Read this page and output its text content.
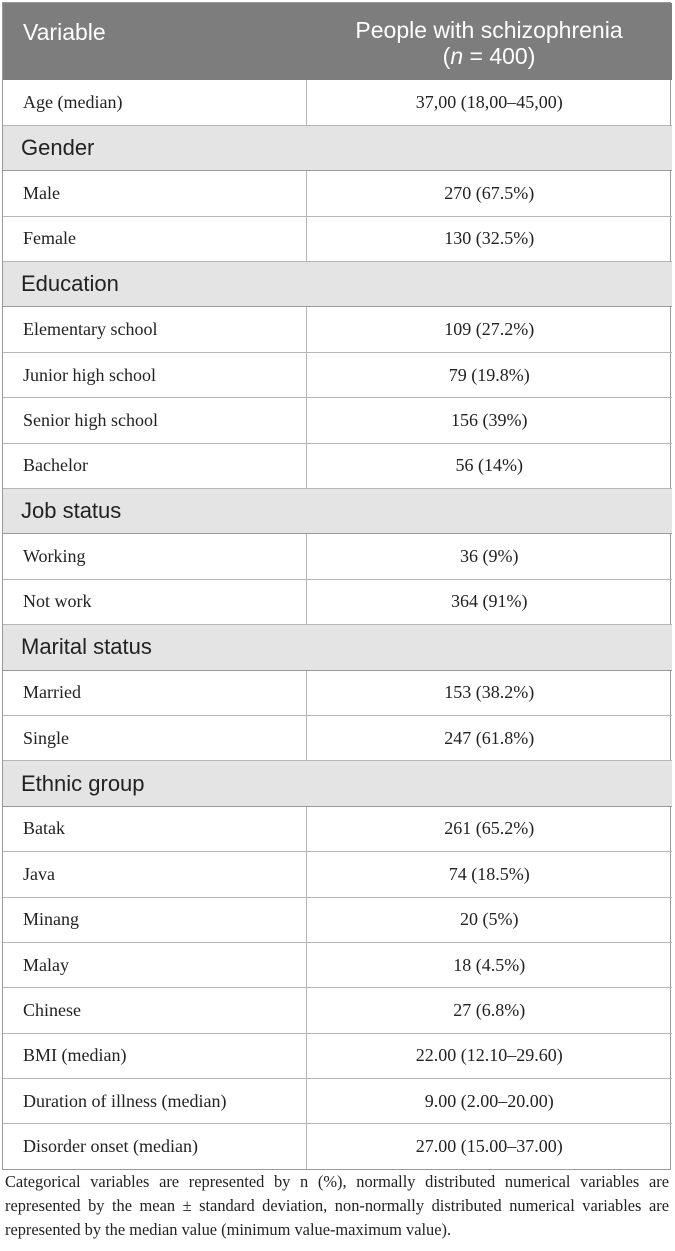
Variable	People with schizophrenia
(n = 400)

Age (median)	37,00 (18,00–45,00)
Gender	
Male	270 (67.5%)
Female	130 (32.5%)
Education	
Elementary school	109 (27.2%)
Junior high school	79 (19.8%)
Senior high school	156 (39%)
Bachelor	56 (14%)
Job status	
Working	36 (9%)
Not work	364 (91%)
Marital status	
Married	153 (38.2%)
Single	247 (61.8%)
Ethnic group	
Batak	261 (65.2%)
Java	74 (18.5%)
Minang	20 (5%)
Malay	18 (4.5%)
Chinese	27 (6.8%)
BMI (median)	22.00 (12.10–29.60)
Duration of illness (median)	9.00 (2.00–20.00)
Disorder onset (median)	27.00 (15.00–37.00)
Categorical variables are represented by n (%), normally distributed numerical variables are represented by the mean ± standard deviation, non-normally distributed numerical variables are represented by the median value (minimum value-maximum value).
